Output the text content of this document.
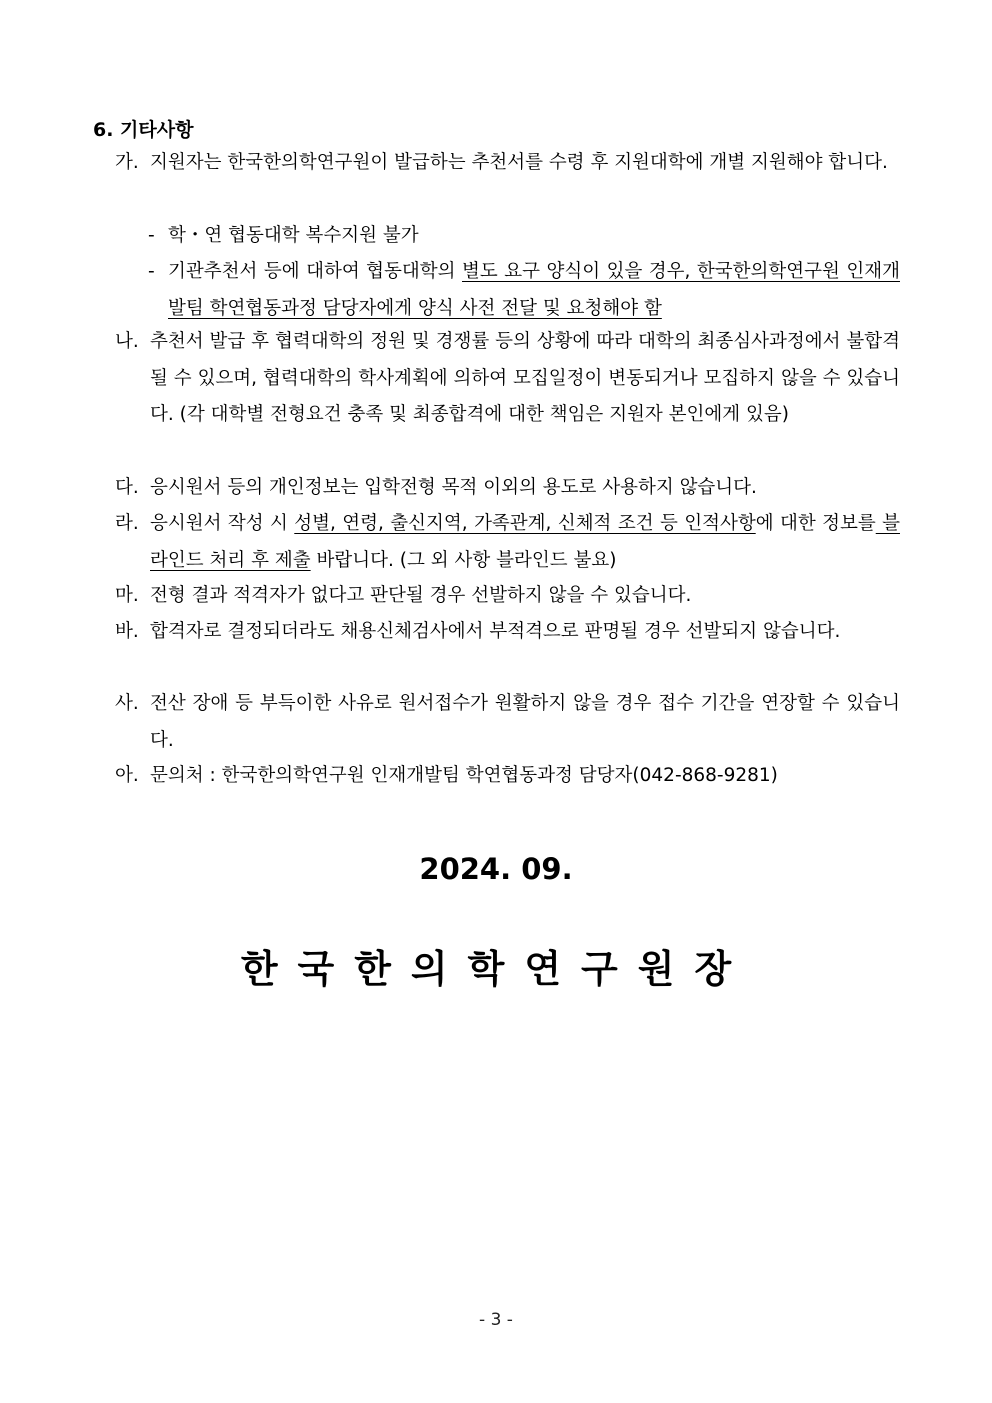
6. 기타사항
가. 지원자는 한국한의학연구원이 발급하는 추천서를 수령 후 지원대학에 개별 지원해야 합니다.
- 학・연 협동대학 복수지원 불가
- 기관추천서 등에 대하여 협동대학의 별도 요구 양식이 있을 경우, 한국한의학연구원 인재개발팀 학연협동과정 담당자에게 양식 사전 전달 및 요청해야 함
나. 추천서 발급 후 협력대학의 정원 및 경쟁률 등의 상황에 따라 대학의 최종심사과정에서 불합격될 수 있으며, 협력대학의 학사계획에 의하여 모집일정이 변동되거나 모집하지 않을 수 있습니다. (각 대학별 전형요건 충족 및 최종합격에 대한 책임은 지원자 본인에게 있음)
다. 응시원서 등의 개인정보는 입학전형 목적 이외의 용도로 사용하지 않습니다.
라. 응시원서 작성 시 성별, 연령, 출신지역, 가족관계, 신체적 조건 등 인적사항에 대한 정보를 블라인드 처리 후 제출 바랍니다. (그 외 사항 블라인드 불요)
마. 전형 결과 적격자가 없다고 판단될 경우 선발하지 않을 수 있습니다.
바. 합격자로 결정되더라도 채용신체검사에서 부적격으로 판명될 경우 선발되지 않습니다.
사. 전산 장애 등 부득이한 사유로 원서접수가 원활하지 않을 경우 접수 기간을 연장할 수 있습니다.
아. 문의처 : 한국한의학연구원 인재개발팀 학연협동과정 담당자(042-868-9281)
2024. 09.
한국한의학연구원장
- 3 -
